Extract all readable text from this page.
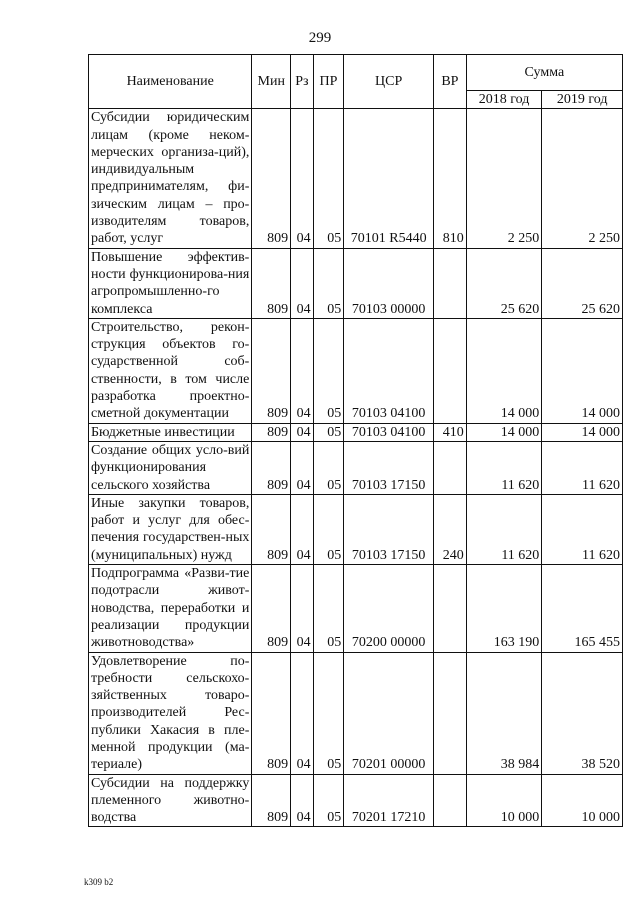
299
Наименование	Мин	Рз	ПР	ЦСР	ВР	Сумма	
						2018 год	2019 год
Субсидии юридическим лицам (кроме неком-мерческих организа-ций), индивидуальным предпринимателям, фи-зическим лицам – про-изводителям товаров, работ, услуг	809	04	05	70101 R5440	810	2 250	2 250
Повышение эффектив-ности функционирова-ния агропромышленно-го комплекса	809	04	05	70103 00000		25 620	25 620
Строительство, рекон-струкция объектов го-сударственной соб-ственности, в том числе разработка проектно-сметной документации	809	04	05	70103 04100		14 000	14 000
Бюджетные инвестиции	809	04	05	70103 04100	410	14 000	14 000
Создание общих усло-вий функционирования сельского хозяйства	809	04	05	70103 17150		11 620	11 620
Иные закупки товаров, работ и услуг для обес-печения государствен-ных (муниципальных) нужд	809	04	05	70103 17150	240	11 620	11 620
Подпрограмма «Разви-тие подотрасли живот-новодства, переработки и реализации продукции животноводства»	809	04	05	70200 00000		163 190	165 455
Удовлетворение по-требности сельскохо-зяйственных товаро-производителей Рес-публики Хакасия в пле-менной продукции (ма-териале)	809	04	05	70201 00000		38 984	38 520
Субсидии на поддержку племенного животно-водства	809	04	05	70201 17210		10 000	10 000
k309 b2
